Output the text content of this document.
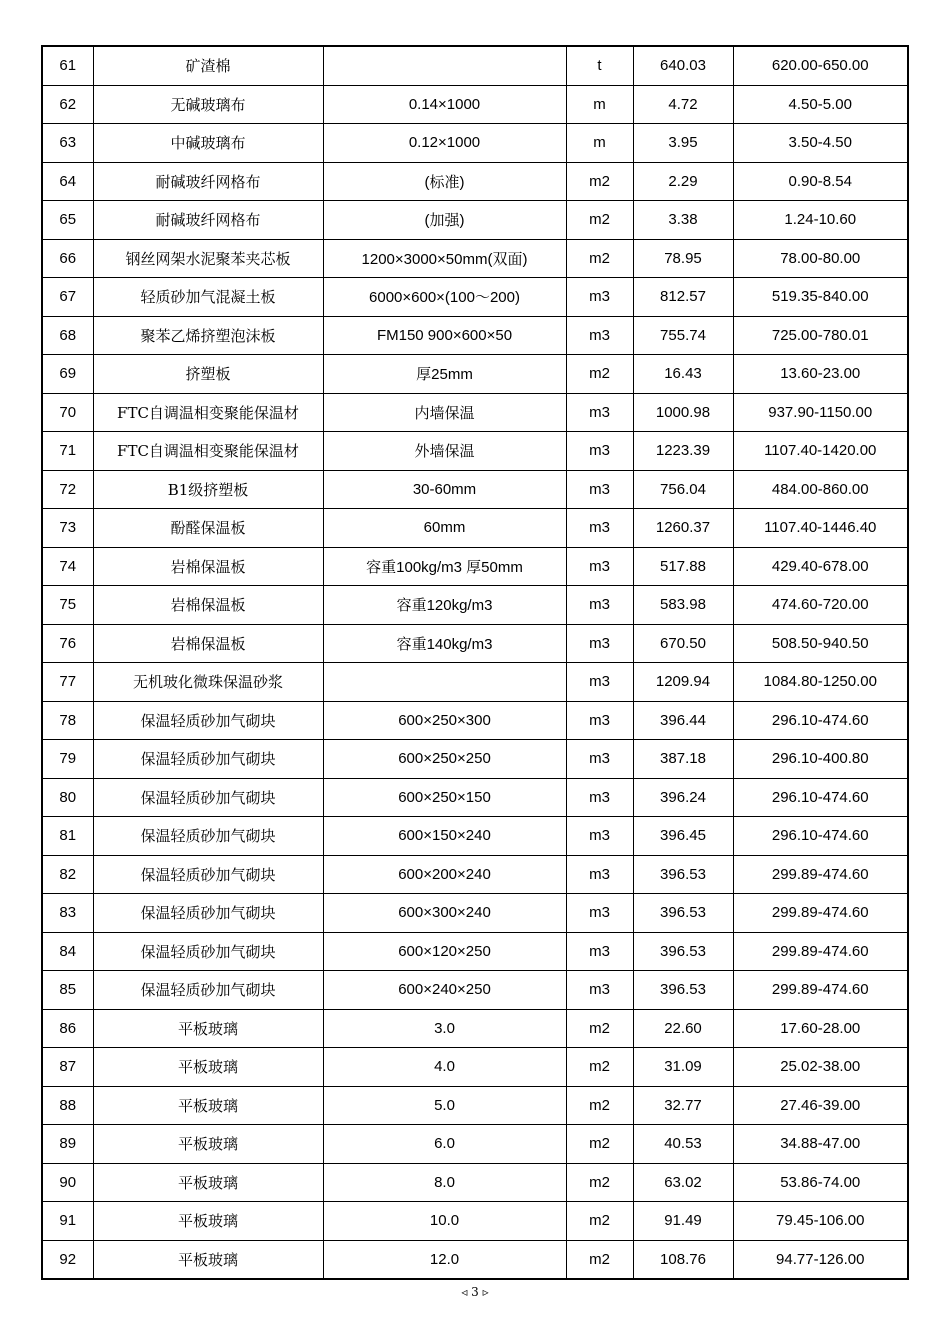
61	矿渣棉		t	640.03	620.00-650.00
62	无碱玻璃布	0.14×1000	m	4.72	4.50-5.00
63	中碱玻璃布	0.12×1000	m	3.95	3.50-4.50
64	耐碱玻纤网格布	(标准)	m2	2.29	0.90-8.54
65	耐碱玻纤网格布	(加强)	m2	3.38	1.24-10.60
66	钢丝网架水泥聚苯夹芯板	1200×3000×50mm(双面)	m2	78.95	78.00-80.00
67	轻质砂加气混凝土板	6000×600×(100～200)	m3	812.57	519.35-840.00
68	聚苯乙烯挤塑泡沫板	FM150 900×600×50	m3	755.74	725.00-780.01
69	挤塑板	厚25mm	m2	16.43	13.60-23.00
70	FTC自调温相变聚能保温材	内墙保温	m3	1000.98	937.90-1150.00
71	FTC自调温相变聚能保温材	外墙保温	m3	1223.39	1107.40-1420.00
72	B1级挤塑板	30-60mm	m3	756.04	484.00-860.00
73	酚醛保温板	60mm	m3	1260.37	1107.40-1446.40
74	岩棉保温板	容重100kg/m3 厚50mm	m3	517.88	429.40-678.00
75	岩棉保温板	容重120kg/m3	m3	583.98	474.60-720.00
76	岩棉保温板	容重140kg/m3	m3	670.50	508.50-940.50
77	无机玻化微珠保温砂浆		m3	1209.94	1084.80-1250.00
78	保温轻质砂加气砌块	600×250×300	m3	396.44	296.10-474.60
79	保温轻质砂加气砌块	600×250×250	m3	387.18	296.10-400.80
80	保温轻质砂加气砌块	600×250×150	m3	396.24	296.10-474.60
81	保温轻质砂加气砌块	600×150×240	m3	396.45	296.10-474.60
82	保温轻质砂加气砌块	600×200×240	m3	396.53	299.89-474.60
83	保温轻质砂加气砌块	600×300×240	m3	396.53	299.89-474.60
84	保温轻质砂加气砌块	600×120×250	m3	396.53	299.89-474.60
85	保温轻质砂加气砌块	600×240×250	m3	396.53	299.89-474.60
86	平板玻璃	3.0	m2	22.60	17.60-28.00
87	平板玻璃	4.0	m2	31.09	25.02-38.00
88	平板玻璃	5.0	m2	32.77	27.46-39.00
89	平板玻璃	6.0	m2	40.53	34.88-47.00
90	平板玻璃	8.0	m2	63.02	53.86-74.00
91	平板玻璃	10.0	m2	91.49	79.45-106.00
92	平板玻璃	12.0	m2	108.76	94.77-126.00
◃ 3 ▹
